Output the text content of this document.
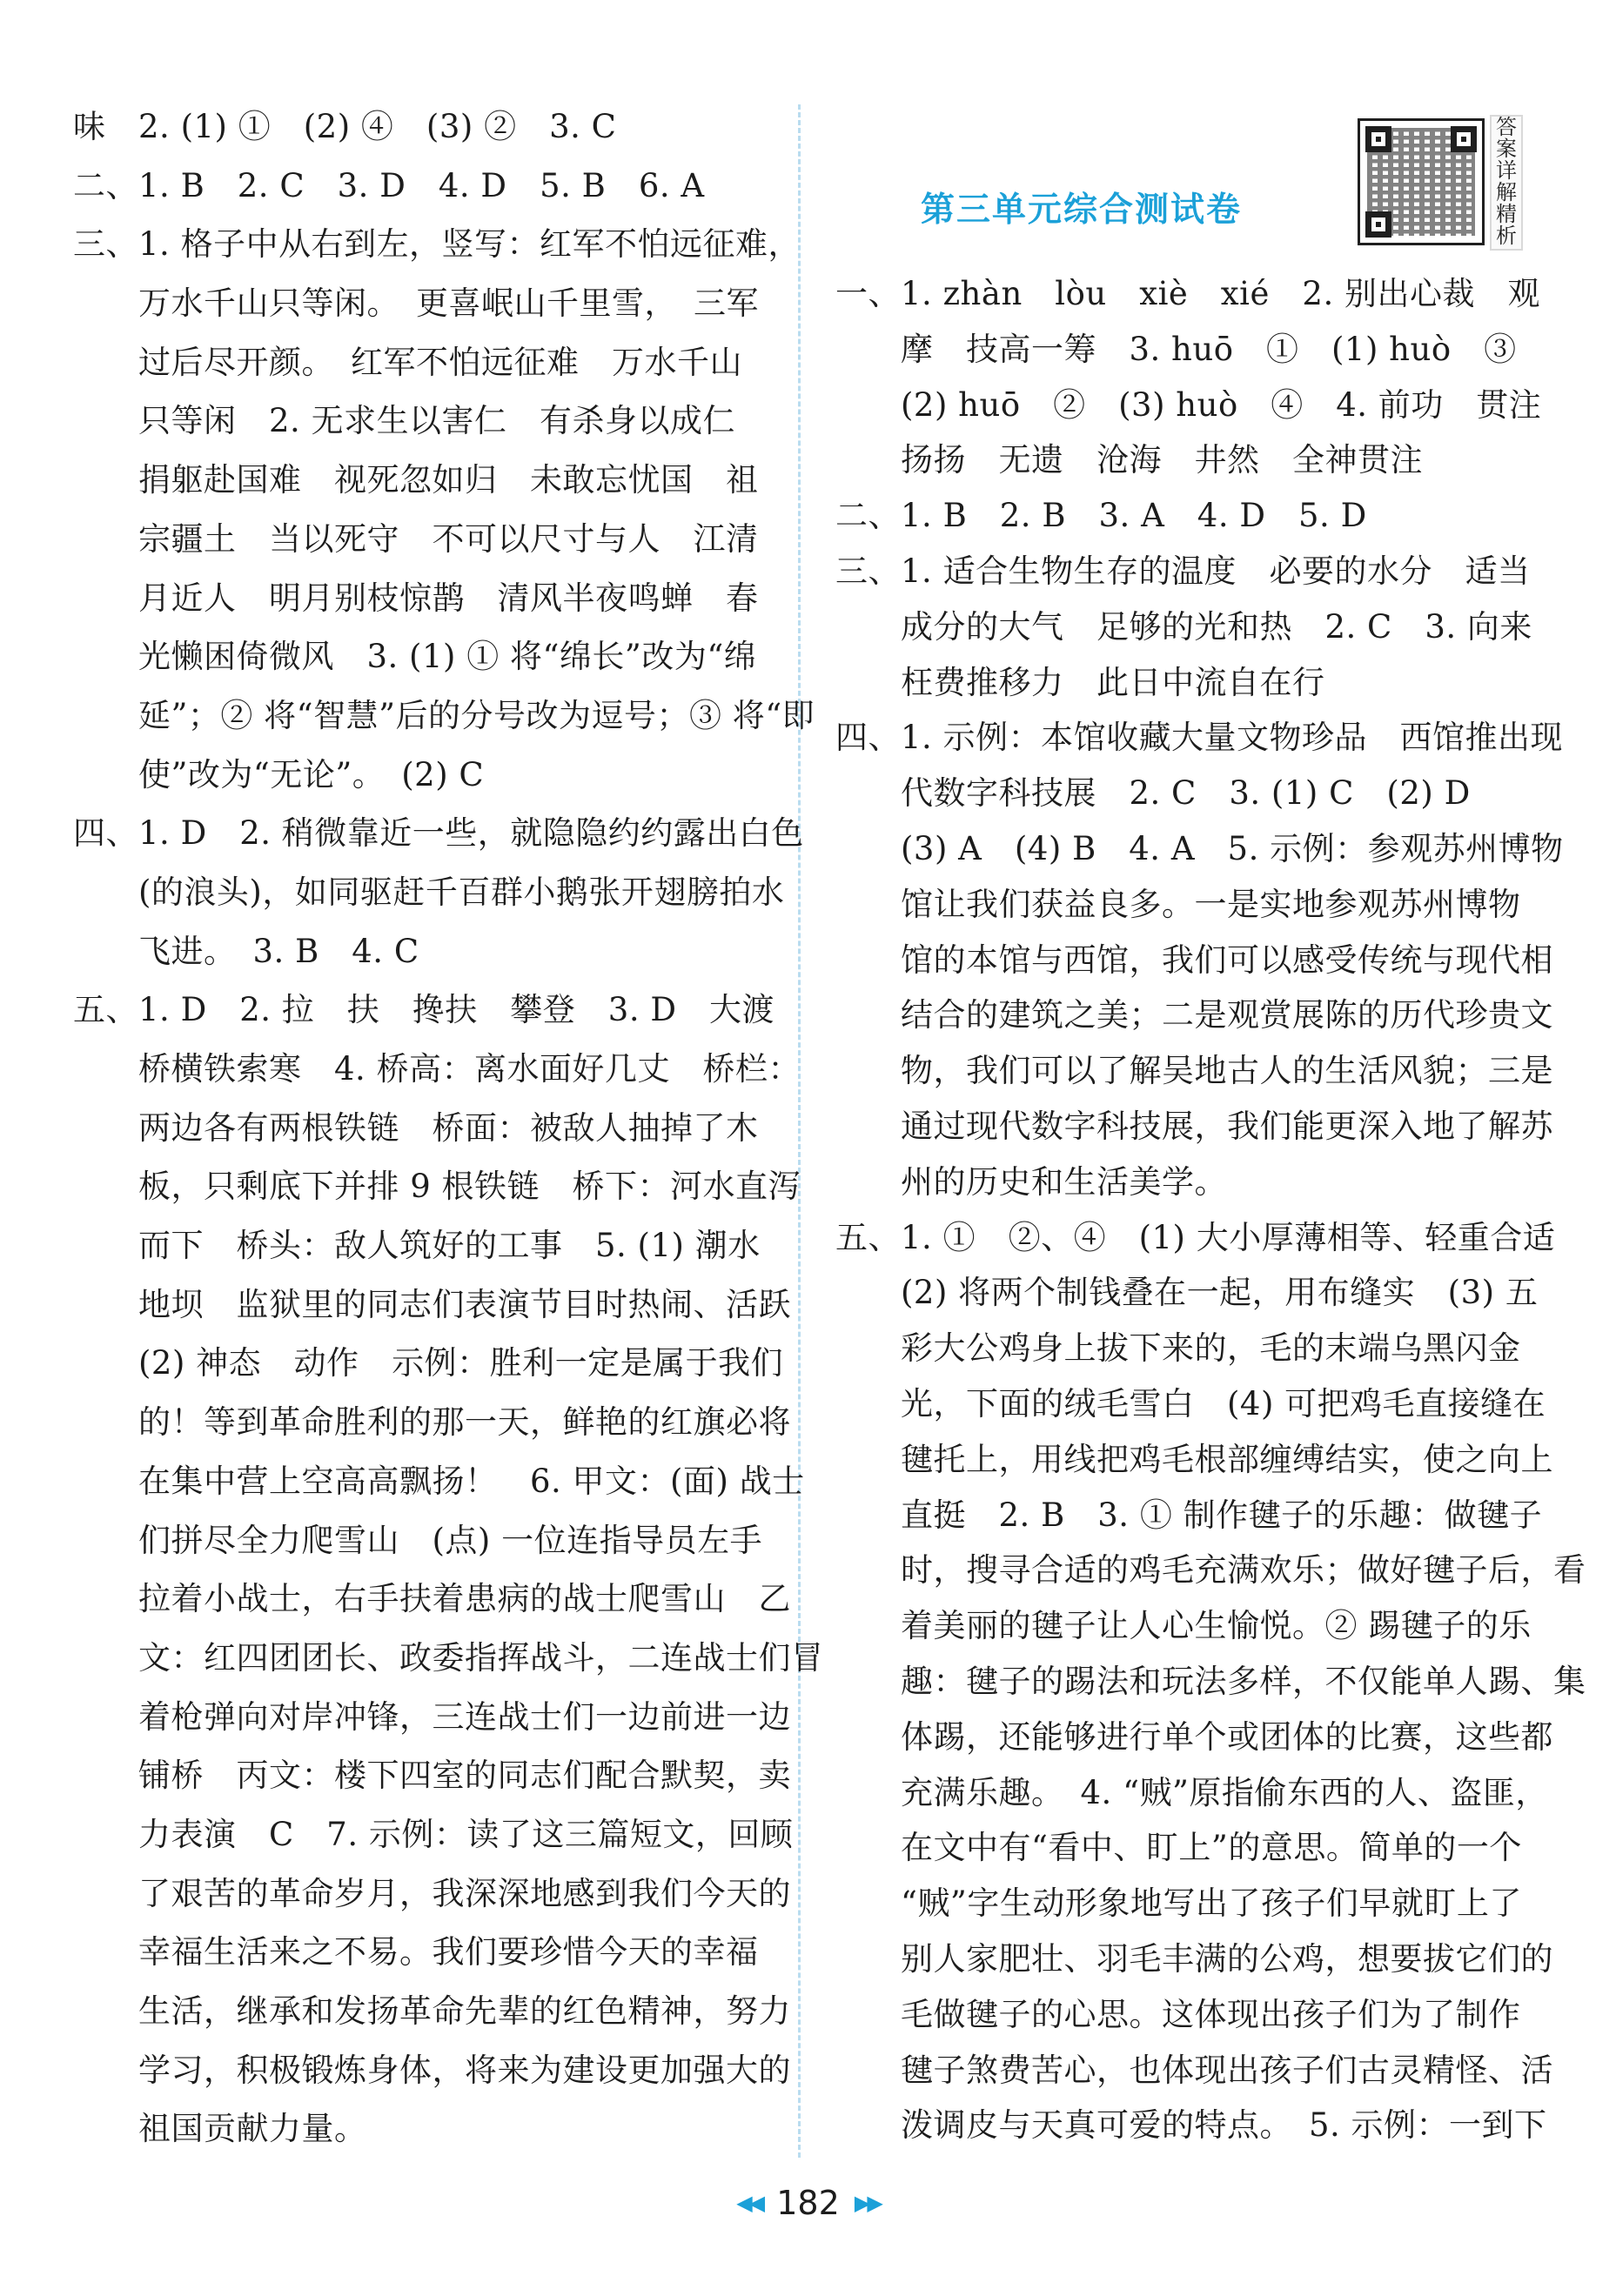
味　2. (1) ①　(2) ④　(3) ②　3. C
二、1. B　2. C　3. D　4. D　5. B　6. A
三、1. 格子中从右到左，竖写：红军不怕远征难，
　　万水千山只等闲。　更喜岷山千里雪，　三军
　　过后尽开颜。　红军不怕远征难　万水千山
　　只等闲　2. 无求生以害仁　有杀身以成仁
　　捐躯赴国难　视死忽如归　未敢忘忧国　祖
　　宗疆土　当以死守　不可以尺寸与人　江清
　　月近人　明月别枝惊鹊　清风半夜鸣蝉　春
　　光懒困倚微风　3. (1) ① 将“绵长”改为“绵
　　延”；② 将“智慧”后的分号改为逗号；③ 将“即
　　使”改为“无论”。　(2) C
四、1. D　2. 稍微靠近一些，就隐隐约约露出白色
　　(的浪头)，如同驱赶千百群小鹅张开翅膀拍水
　　飞进。　3. B　4. C
五、1. D　2. 拉　扶　搀扶　攀登　3. D　大渡
　　桥横铁索寒　4. 桥高：离水面好几丈　桥栏：
　　两边各有两根铁链　桥面：被敌人抽掉了木
　　板，只剩底下并排 9 根铁链　桥下：河水直泻
　　而下　桥头：敌人筑好的工事　5. (1) 潮水
　　地坝　监狱里的同志们表演节目时热闹、活跃
　　(2) 神态　动作　示例：胜利一定是属于我们
　　的！等到革命胜利的那一天，鲜艳的红旗必将
　　在集中营上空高高飘扬！　6. 甲文：(面) 战士
　　们拼尽全力爬雪山　(点) 一位连指导员左手
　　拉着小战士，右手扶着患病的战士爬雪山　乙
　　文：红四团团长、政委指挥战斗，二连战士们冒
　　着枪弹向对岸冲锋，三连战士们一边前进一边
　　铺桥　丙文：楼下四室的同志们配合默契，卖
　　力表演　C　7. 示例：读了这三篇短文，回顾
　　了艰苦的革命岁月，我深深地感到我们今天的
　　幸福生活来之不易。我们要珍惜今天的幸福
　　生活，继承和发扬革命先辈的红色精神，努力
　　学习，积极锻炼身体，将来为建设更加强大的
　　祖国贡献力量。
第三单元综合测试卷
答案详解精析
一、1. zhàn　lòu　xiè　xié　2. 别出心裁　观
　　摩　技高一筹　3. huō　①　(1) huò　③
　　(2) huō　②　(3) huò　④　4. 前功　贯注
　　扬扬　无遗　沧海　井然　全神贯注
二、1. B　2. B　3. A　4. D　5. D
三、1. 适合生物生存的温度　必要的水分　适当
　　成分的大气　足够的光和热　2. C　3. 向来
　　枉费推移力　此日中流自在行
四、1. 示例：本馆收藏大量文物珍品　西馆推出现
　　代数字科技展　2. C　3. (1) C　(2) D
　　(3) A　(4) B　4. A　5. 示例：参观苏州博物
　　馆让我们获益良多。一是实地参观苏州博物
　　馆的本馆与西馆，我们可以感受传统与现代相
　　结合的建筑之美；二是观赏展陈的历代珍贵文
　　物，我们可以了解吴地古人的生活风貌；三是
　　通过现代数字科技展，我们能更深入地了解苏
　　州的历史和生活美学。
五、1. ①　②、④　(1) 大小厚薄相等、轻重合适
　　(2) 将两个制钱叠在一起，用布缝实　(3) 五
　　彩大公鸡身上拔下来的，毛的末端乌黑闪金
　　光，下面的绒毛雪白　(4) 可把鸡毛直接缝在
　　毽托上，用线把鸡毛根部缠缚结实，使之向上
　　直挺　2. B　3. ① 制作毽子的乐趣：做毽子
　　时，搜寻合适的鸡毛充满欢乐；做好毽子后，看
　　着美丽的毽子让人心生愉悦。② 踢毽子的乐
　　趣：毽子的踢法和玩法多样，不仅能单人踢、集
　　体踢，还能够进行单个或团体的比赛，这些都
　　充满乐趣。　4. “贼”原指偷东西的人、盗匪，
　　在文中有“看中、盯上”的意思。简单的一个
　　“贼”字生动形象地写出了孩子们早就盯上了
　　别人家肥壮、羽毛丰满的公鸡，想要拔它们的
　　毛做毽子的心思。这体现出孩子们为了制作
　　毽子煞费苦心，也体现出孩子们古灵精怪、活
　　泼调皮与天真可爱的特点。　5. 示例：一到下
◀◀ 182 ▶▶
